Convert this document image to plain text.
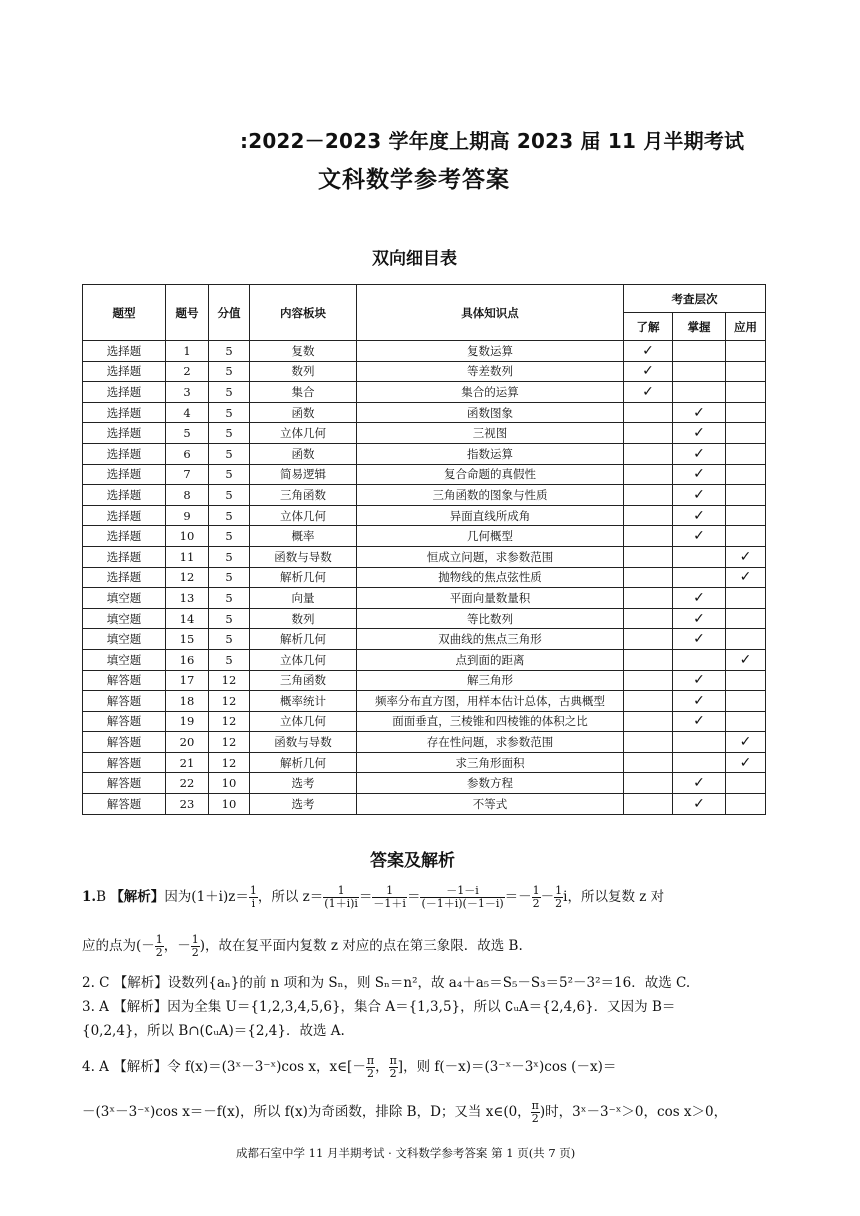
:2022－2023 学年度上期高 2023 届 11 月半期考试
文科数学参考答案
双向细目表
题型	题号	分值	内容板块	具体知识点	考查层次		
					了解	掌握	应用
选择题	1	5	复数	复数运算	✓		
选择题	2	5	数列	等差数列	✓		
选择题	3	5	集合	集合的运算	✓		
选择题	4	5	函数	函数图象		✓	
选择题	5	5	立体几何	三视图		✓	
选择题	6	5	函数	指数运算		✓	
选择题	7	5	简易逻辑	复合命题的真假性		✓	
选择题	8	5	三角函数	三角函数的图象与性质		✓	
选择题	9	5	立体几何	异面直线所成角		✓	
选择题	10	5	概率	几何概型		✓	
选择题	11	5	函数与导数	恒成立问题，求参数范围			✓
选择题	12	5	解析几何	抛物线的焦点弦性质			✓
填空题	13	5	向量	平面向量数量积		✓	
填空题	14	5	数列	等比数列		✓	
填空题	15	5	解析几何	双曲线的焦点三角形		✓	
填空题	16	5	立体几何	点到面的距离			✓
解答题	17	12	三角函数	解三角形		✓	
解答题	18	12	概率统计	频率分布直方图，用样本估计总体，古典概型		✓	
解答题	19	12	立体几何	面面垂直，三棱锥和四棱锥的体积之比		✓	
解答题	20	12	函数与导数	存在性问题，求参数范围			✓
解答题	21	12	解析几何	求三角形面积			✓
解答题	22	10	选考	参数方程		✓	
解答题	23	10	选考	不等式		✓	
答案及解析
1.B 【解析】因为$(1+i)z= \frac{1}{i}$ ，所以 $z= \frac{1}{(1+i)i} = \frac{1}{-1+i} = \frac{-1-i}{(-1+i)(-1-i)} =- \frac{1}{2} - \frac{1}{2}$ i，所以复数 z 对
应的点为(－ $\frac{1}{2}$ ，－ $\frac{1}{2}$ )，故在复平面内复数 z 对应的点在第三象限．故选 B.
2. C 【解析】设数列{aₙ}的前 n 项和为 Sₙ，则 Sₙ＝n²，故 a₄＋a₅＝S₅－S₃＝5²－3²＝16．故选 C.
3. A 【解析】因为全集 U＝{1,2,3,4,5,6}，集合 A＝{1,3,5}，所以 ∁ᵤA＝{2,4,6}．又因为 B＝
{0,2,4}，所以 B∩(∁ᵤA)＝{2,4}．故选 A.
4. A 【解析】令 f(x)＝(3ˣ－3⁻ˣ)cos x，x∈[－ $\frac{\pi}{2}$ ， $\frac{\pi}{2}$ ]，则 f(－x)＝(3⁻ˣ－3ˣ)cos (－x)＝
－(3ˣ－3⁻ˣ)cos x＝－f(x)，所以 f(x)为奇函数，排除 B，D；又当 x∈(0， $\frac{\pi}{2}$ )时，3ˣ－3⁻ˣ＞0，cos x＞0，
成都石室中学 11 月半期考试 · 文科数学参考答案 第 1 页(共 7 页)
